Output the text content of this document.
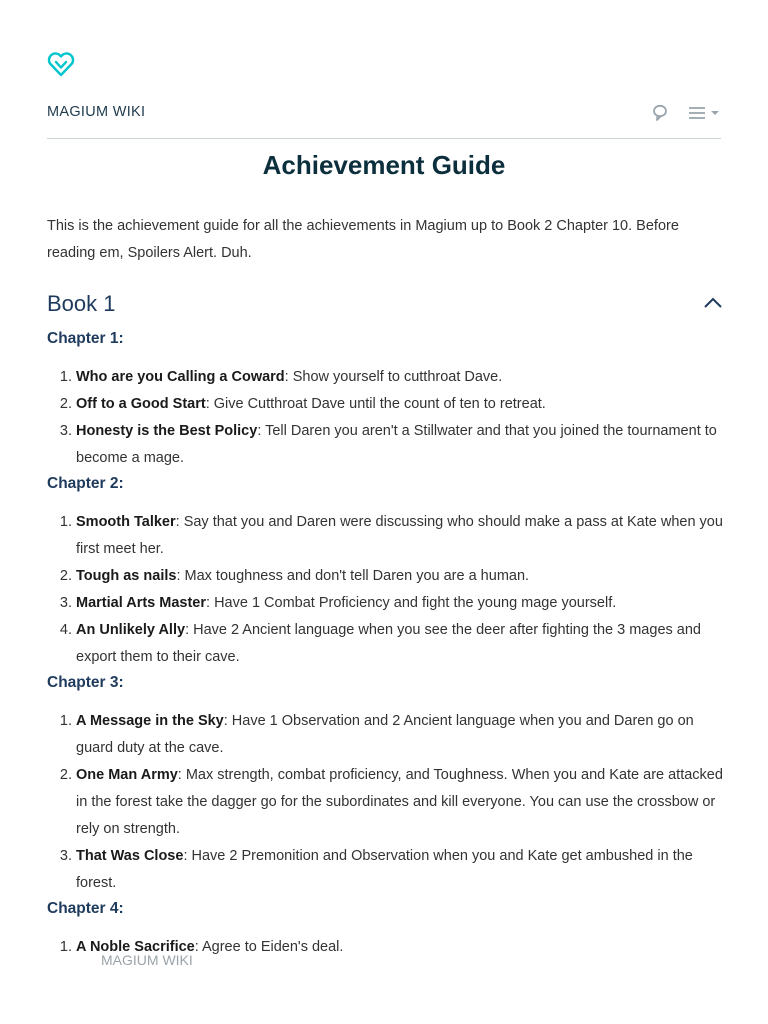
MAGIUM WIKI
Achievement Guide

This is the achievement guide for all the achievements in Magium up to Book 2 Chapter 10. Before reading em, Spoilers Alert. Duh.

Book 1
Chapter 1:
1. Who are you Calling a Coward: Show yourself to cutthroat Dave.
2. Off to a Good Start: Give Cutthroat Dave until the count of ten to retreat.
3. Honesty is the Best Policy: Tell Daren you aren't a Stillwater and that you joined the tournament to become a mage.
Chapter 2:
1. Smooth Talker: Say that you and Daren were discussing who should make a pass at Kate when you first meet her.
2. Tough as nails: Max toughness and don't tell Daren you are a human.
3. Martial Arts Master: Have 1 Combat Proficiency and fight the young mage yourself.
4. An Unlikely Ally: Have 2 Ancient language when you see the deer after fighting the 3 mages and export them to their cave.
Chapter 3:
1. A Message in the Sky: Have 1 Observation and 2 Ancient language when you and Daren go on guard duty at the cave.
2. One Man Army: Max strength, combat proficiency, and Toughness. When you and Kate are attacked in the forest take the dagger go for the subordinates and kill everyone. You can use the crossbow or rely on strength.
3. That Was Close: Have 2 Premonition and Observation when you and Kate get ambushed in the forest.
Chapter 4:
1. A Noble Sacrifice: Agree to Eiden's deal.
MAGIUM WIKI
